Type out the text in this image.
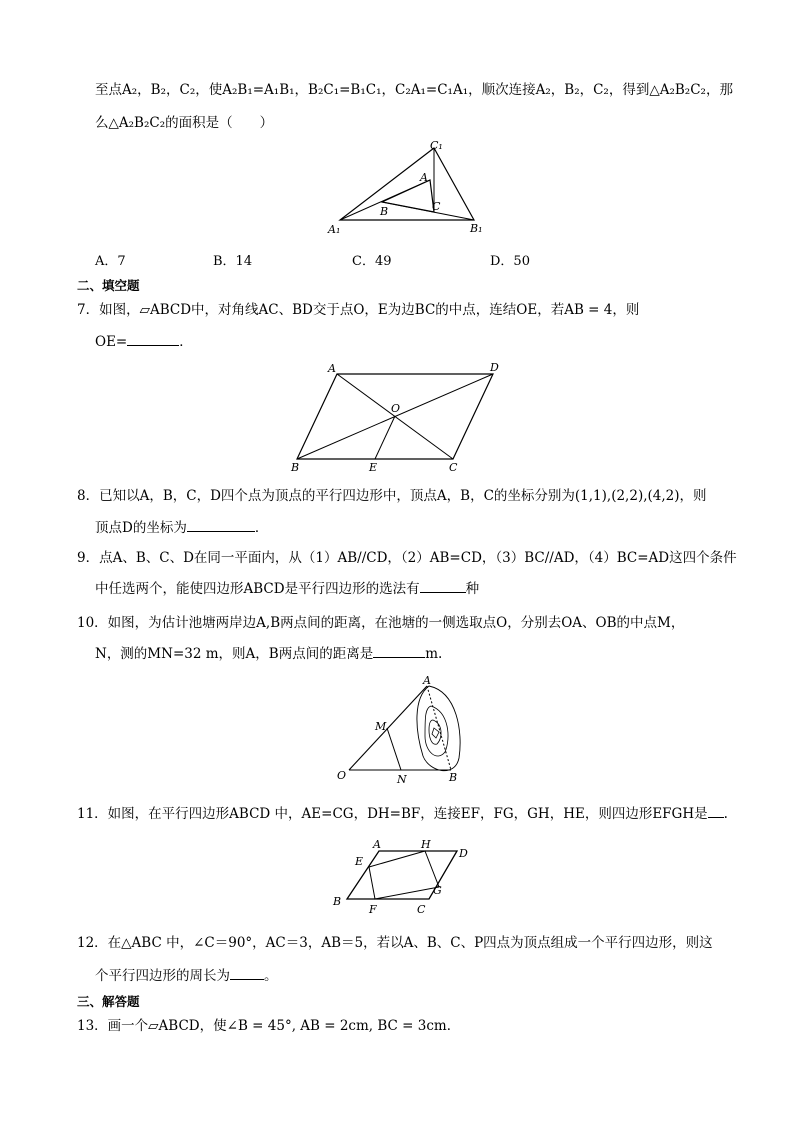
至点A₂，B₂，C₂，使A₂B₁=A₁B₁，B₂C₁=B₁C₁，C₂A₁=C₁A₁，顺次连接A₂，B₂，C₂，得到△A₂B₂C₂，那
么△A₂B₂C₂的面积是（　　）
C₁
A
C
B
A₁	B₁
A．7	B．14	C．49	D．50
二、填空题
7．如图，▱ABCD中，对角线AC、BD交于点O，E为边BC的中点，连结OE，若AB = 4，则
OE=	．
A	D
O
B	E	C
8．已知以A，B，C，D四个点为顶点的平行四边形中，顶点A，B，C的坐标分别为(1,1),(2,2),(4,2)，则
顶点D的坐标为	．
9．点A、B、C、D在同一平面内，从（1）AB//CD，（2）AB=CD，（3）BC//AD，（4）BC=AD这四个条件
中任选两个，能使四边形ABCD是平行四边形的选法有	种
10．如图，为估计池塘两岸边A,B两点间的距离，在池塘的一侧选取点O，分别去OA、OB的中点M，
N，测的MN=32 m，则A，B两点间的距离是	m.
A
M
O	N	B
11．如图，在平行四边形ABCD 中，AE=CG，DH=BF，连接EF，FG，GH，HE，则四边形EFGH是 .
A	H
D
E
G
B
F	C
12．在△ABC 中，∠C＝90°，AC＝3，AB＝5，若以A、B、C、P四点为顶点组成一个平行四边形，则这
个平行四边形的周长为	。
三、解答题
13．画一个▱ABCD，使∠B = 45°, AB = 2cm, BC = 3cm．
